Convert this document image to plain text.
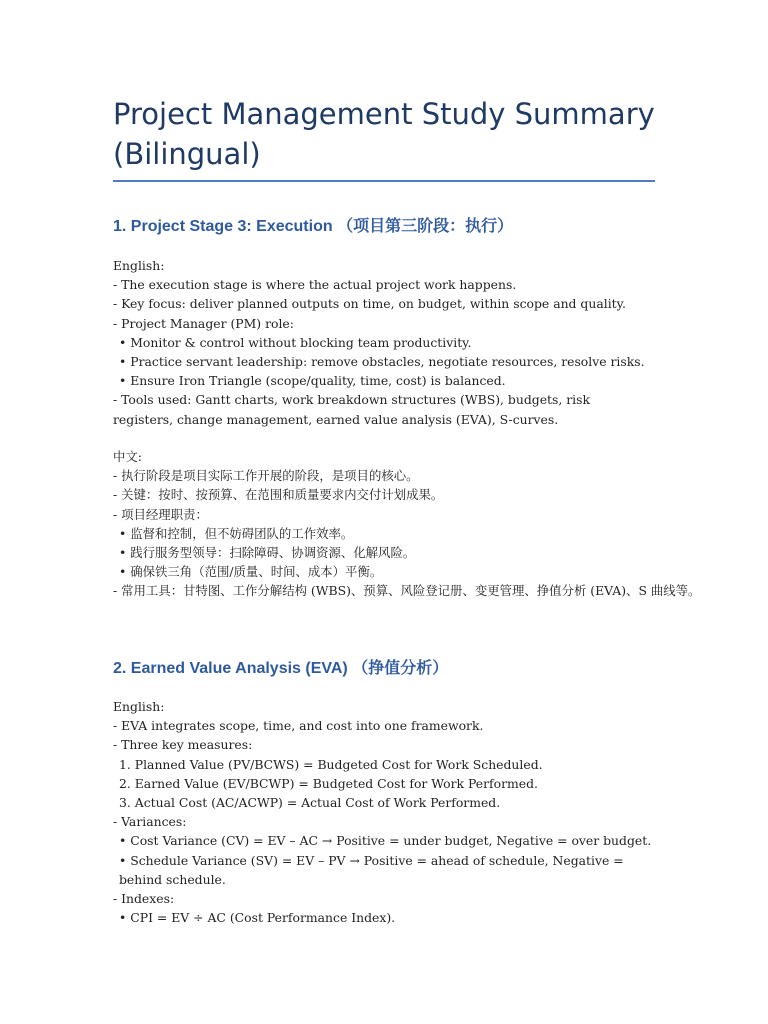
Project Management Study Summary (Bilingual)
1. Project Stage 3: Execution （项目第三阶段：执行）
English:
- The execution stage is where the actual project work happens.
- Key focus: deliver planned outputs on time, on budget, within scope and quality.
- Project Manager (PM) role:
• Monitor & control without blocking team productivity.
• Practice servant leadership: remove obstacles, negotiate resources, resolve risks.
• Ensure Iron Triangle (scope/quality, time, cost) is balanced.
- Tools used: Gantt charts, work breakdown structures (WBS), budgets, risk registers, change management, earned value analysis (EVA), S-curves.
中文:
- 执行阶段是项目实际工作开展的阶段，是项目的核心。
- 关键：按时、按预算、在范围和质量要求内交付计划成果。
- 项目经理职责：
• 监督和控制，但不妨碍团队的工作效率。
• 践行服务型领导：扫除障碍、协调资源、化解风险。
• 确保铁三角（范围/质量、时间、成本）平衡。
- 常用工具：甘特图、工作分解结构 (WBS)、预算、风险登记册、变更管理、挣值分析 (EVA)、S 曲线等。
2. Earned Value Analysis (EVA) （挣值分析）
English:
- EVA integrates scope, time, and cost into one framework.
- Three key measures:
1. Planned Value (PV/BCWS) = Budgeted Cost for Work Scheduled.
2. Earned Value (EV/BCWP) = Budgeted Cost for Work Performed.
3. Actual Cost (AC/ACWP) = Actual Cost of Work Performed.
- Variances:
• Cost Variance (CV) = EV – AC → Positive = under budget, Negative = over budget.
• Schedule Variance (SV) = EV – PV → Positive = ahead of schedule, Negative = behind schedule.
- Indexes:
• CPI = EV ÷ AC (Cost Performance Index).
